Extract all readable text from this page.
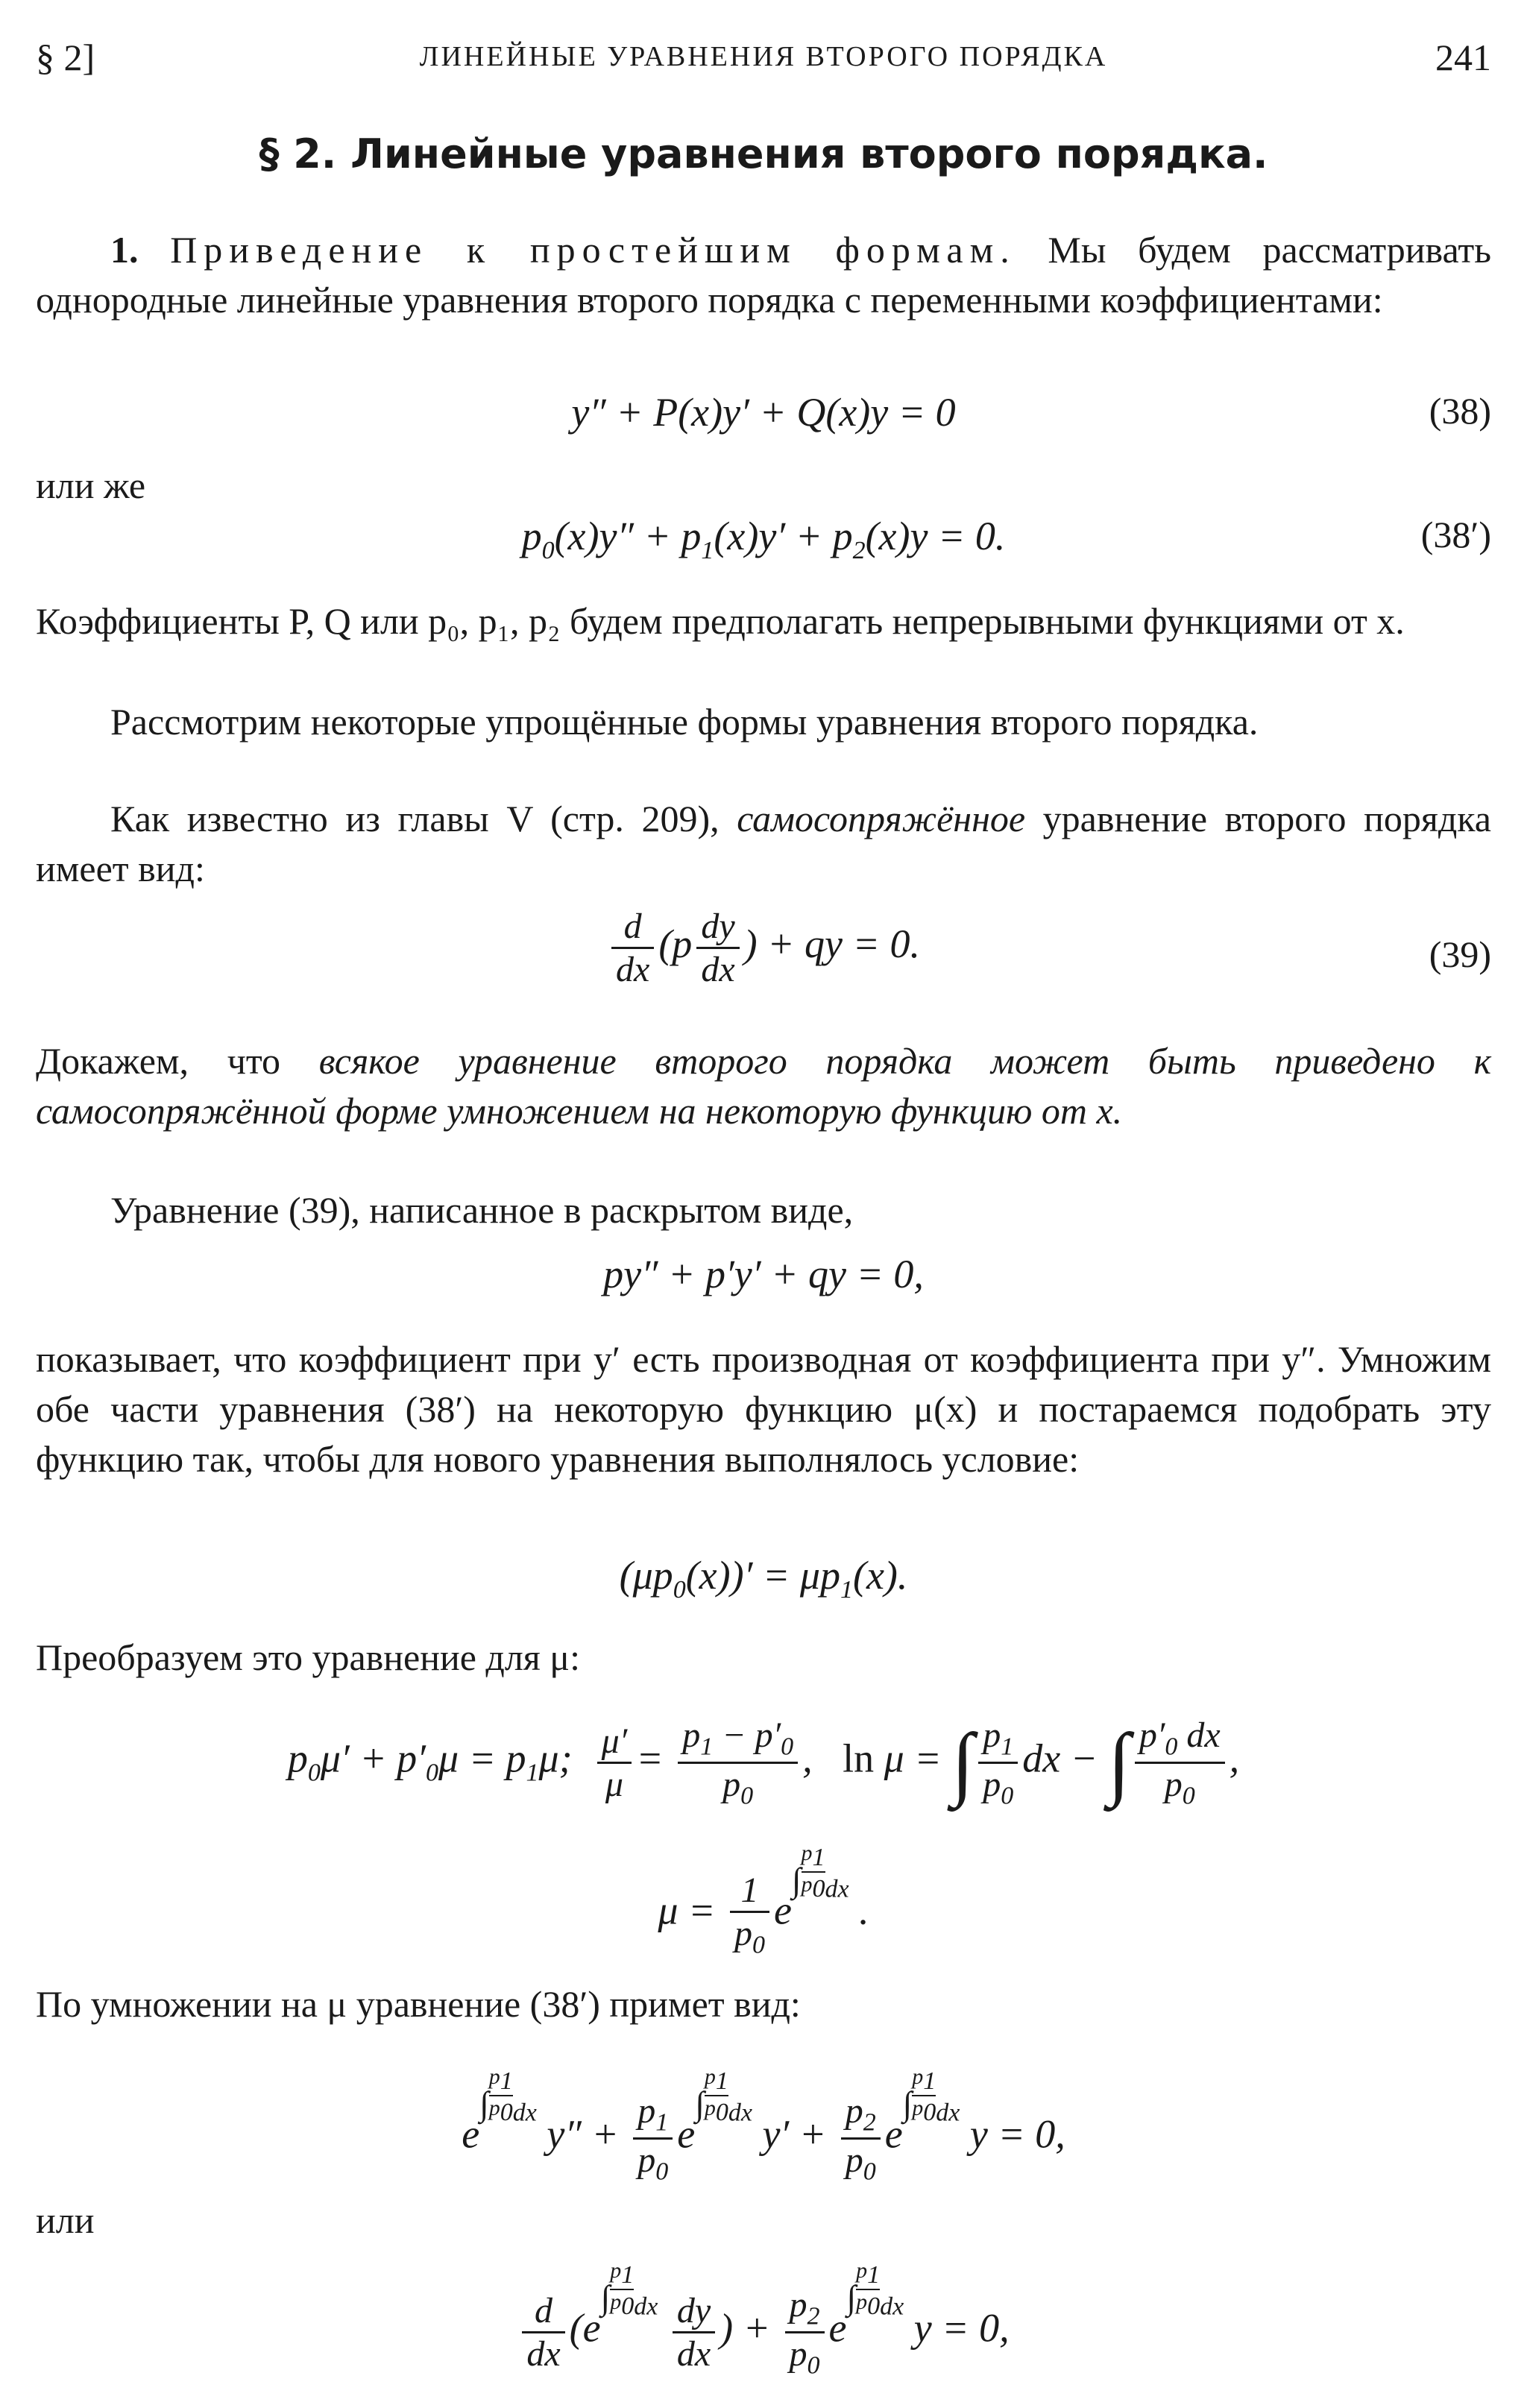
§ 2]	ЛИНЕЙНЫЕ УРАВНЕНИЯ ВТОРОГО ПОРЯДКА	241
§ 2. Линейные уравнения второго порядка.
1. Приведение к простейшим формам. Мы будем рассматривать однородные линейные уравнения второго порядка с переменными коэффициентами:
y″ + P(x)y′ + Q(x)y = 0	(38)
или же
$p_0(x)y'' + p_1(x)y' + p_2(x)y = 0$.	(38′)
Коэффициенты P, Q или p₀, p₁, p₂ будем предполагать непрерывными функциями от x.
Рассмотрим некоторые упрощённые формы уравнения второго порядка.
Как известно из главы V (стр. 209), самосопряжённое уравнение второго порядка имеет вид:
$\frac{d}{dx} (p \frac{dy}{dx}$ ) + qy = 0.	(39)
Докажем, что всякое уравнение второго порядка может быть приведено к самосопряжённой форме умножением на некоторую функцию от x.
Уравнение (39), написанное в раскрытом виде,
py″ + p′y′ + qy = 0,
показывает, что коэффициент при y′ есть производная от коэффициента при y″. Умножим обе части уравнения (38′) на некоторую функцию μ(x) и постараемся подобрать эту функцию так, чтобы для нового уравнения выполнялось условие:
$(\mu p_0(x))' = \mu p_1(x)$.
Преобразуем это уравнение для μ:
$p_0\mu' + p'_0\mu = p_1\mu$; $\frac{\mu'}{\mu} = \frac{p_1 - p'_0}{p_0}$ ,   ln μ = ∫ $\frac{p_1}{p_0}$ dx − ∫ $\frac{p'_0 dx}{p_0}$ ,
$\mu = \frac{1}{p_0} e\int \frac{p_1}{p_0}^{dx}$ .
По умножении на μ уравнение (38′) примет вид:
$e\int \frac{p_1}{p_0}^{dx}$ $y'' + \frac{p_1}{p_0} e\int \frac{p_1}{p_0}^{dx}$ $y' + \frac{p_2}{p_0} e\int \frac{p_1}{p_0}^{dx}$ y = 0,
или
$\frac{d}{dx} (e\int \frac{p_1}{p_0}^{dx} \frac{dy}{dx}$ ) + $\frac{p_2}{p_0} e\int \frac{p_1}{p_0}^{dx}$ y = 0,
